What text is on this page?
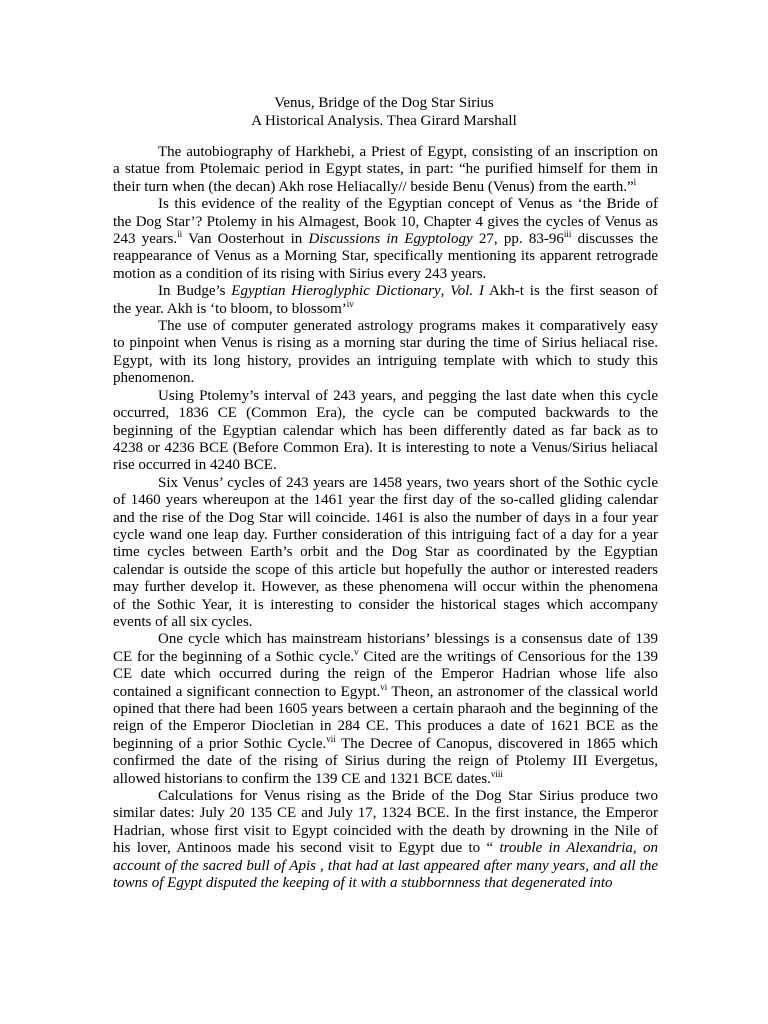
Venus, Bridge of the Dog Star Sirius
A Historical Analysis. Thea Girard Marshall
The autobiography of Harkhebi, a Priest of Egypt, consisting of an inscription on
a statue from Ptolemaic period in Egypt states, in part: “he purified himself for them in
their turn when (the decan) Akh rose Heliacally// beside Benu (Venus) from the earth.”$^i$
Is this evidence of the reality of the Egyptian concept of Venus as ‘the Bride of
the Dog Star’? Ptolemy in his Almagest, Book 10, Chapter 4 gives the cycles of Venus as
243 years.$^{ii}$ Van Oosterhout in Discussions in Egyptology 27, pp. 83-96$^{iii}$ discusses the
reappearance of Venus as a Morning Star, specifically mentioning its apparent retrograde
motion as a condition of its rising with Sirius every 243 years.
In Budge’s Egyptian Hieroglyphic Dictionary, Vol. I Akh-t is the first season of
the year. Akh is ‘to bloom, to blossom’$^{iv}$
The use of computer generated astrology programs makes it comparatively easy
to pinpoint when Venus is rising as a morning star during the time of Sirius heliacal rise.
Egypt, with its long history, provides an intriguing template with which to study this
phenomenon.
Using Ptolemy’s interval of 243 years, and pegging the last date when this cycle
occurred, 1836 CE (Common Era), the cycle can be computed backwards to the
beginning of the Egyptian calendar which has been differently dated as far back as to
4238 or 4236 BCE (Before Common Era). It is interesting to note a Venus/Sirius heliacal
rise occurred in 4240 BCE.
Six Venus’ cycles of 243 years are 1458 years, two years short of the Sothic cycle
of 1460 years whereupon at the 1461 year the first day of the so-called gliding calendar
and the rise of the Dog Star will coincide. 1461 is also the number of days in a four year
cycle wand one leap day. Further consideration of this intriguing fact of a day for a year
time cycles between Earth’s orbit and the Dog Star as coordinated by the Egyptian
calendar is outside the scope of this article but hopefully the author or interested readers
may further develop it. However, as these phenomena will occur within the phenomena
of the Sothic Year, it is interesting to consider the historical stages which accompany
events of all six cycles.
One cycle which has mainstream historians’ blessings is a consensus date of 139
CE for the beginning of a Sothic cycle.$^v$ Cited are the writings of Censorious for the 139
CE date which occurred during the reign of the Emperor Hadrian whose life also
contained a significant connection to Egypt.$^{vi}$ Theon, an astronomer of the classical world
opined that there had been 1605 years between a certain pharaoh and the beginning of the
reign of the Emperor Diocletian in 284 CE. This produces a date of 1621 BCE as the
beginning of a prior Sothic Cycle.$^{vii}$ The Decree of Canopus, discovered in 1865 which
confirmed the date of the rising of Sirius during the reign of Ptolemy III Evergetus,
allowed historians to confirm the 139 CE and 1321 BCE dates.$^{viii}$
Calculations for Venus rising as the Bride of the Dog Star Sirius produce two
similar dates: July 20 135 CE and July 17, 1324 BCE. In the first instance, the Emperor
Hadrian, whose first visit to Egypt coincided with the death by drowning in the Nile of
his lover, Antinoos made his second visit to Egypt due to “ trouble in Alexandria, on
account of the sacred bull of Apis , that had at last appeared after many years, and all the
towns of Egypt disputed the keeping of it with a stubbornness that degenerated into
